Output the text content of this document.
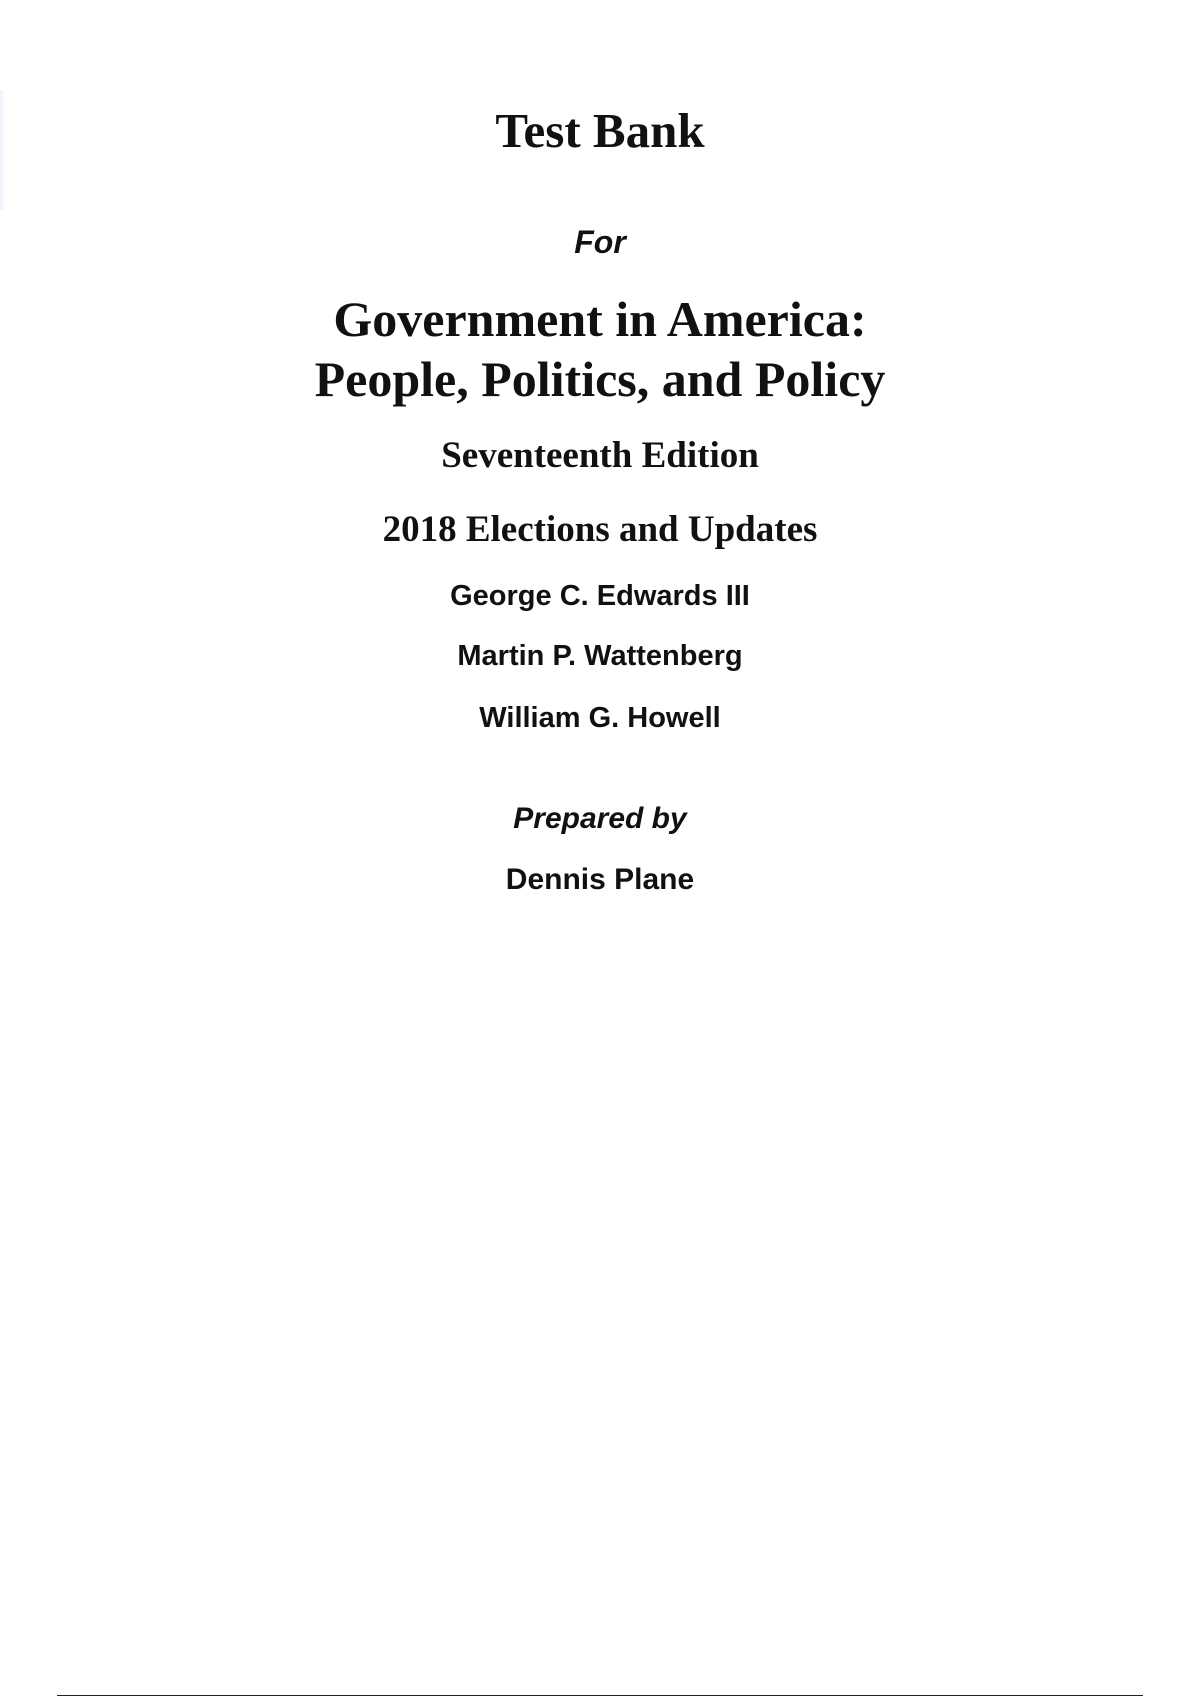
Test Bank
For
Government in America:
People, Politics, and Policy
Seventeenth Edition
2018 Elections and Updates
George C. Edwards III
Martin P. Wattenberg
William G. Howell
Prepared by
Dennis Plane
